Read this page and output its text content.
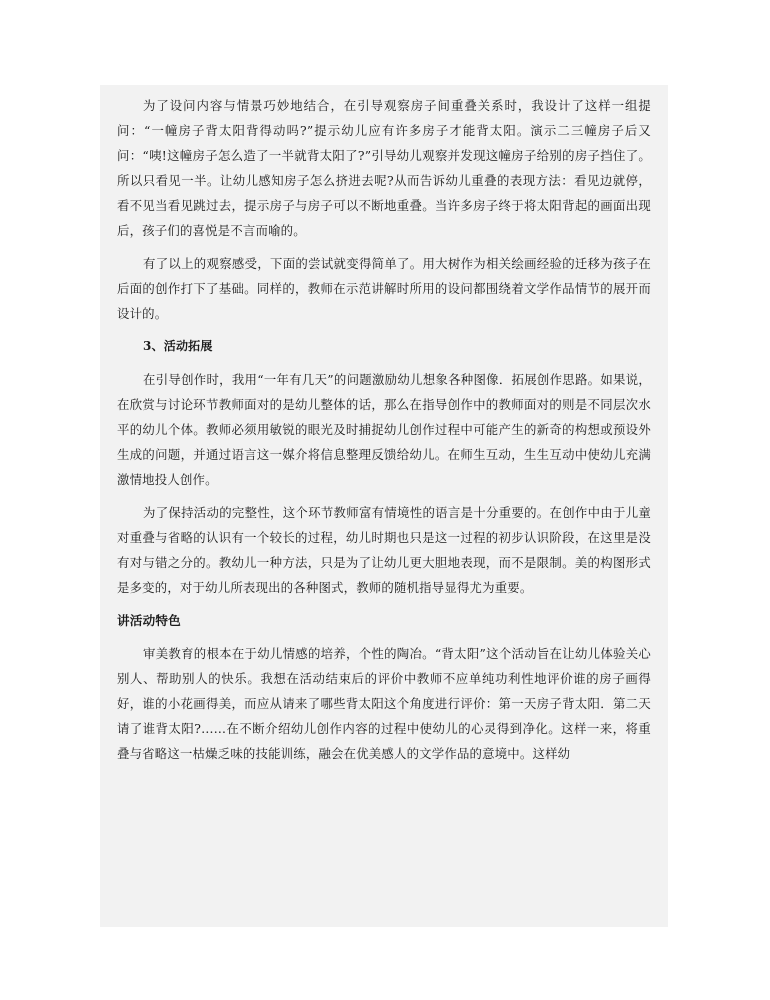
为了设问内容与情景巧妙地结合，在引导观察房子间重叠关系时，我设计了这样一组提问：“一幢房子背太阳背得动吗?”提示幼儿应有许多房子才能背太阳。演示二三幢房子后又问：“咦!这幢房子怎么造了一半就背太阳了?”引导幼儿观察并发现这幢房子给别的房子挡住了。所以只看见一半。让幼儿感知房子怎么挤进去呢?从而告诉幼儿重叠的表现方法：看见边就停，看不见当看见跳过去，提示房子与房子可以不断地重叠。当许多房子终于将太阳背起的画面出现后，孩子们的喜悦是不言而喻的。

有了以上的观察感受，下面的尝试就变得简单了。用大树作为相关绘画经验的迁移为孩子在后面的创作打下了基础。同样的，教师在示范讲解时所用的设问都围绕着文学作品情节的展开而设计的。

3、活动拓展

在引导创作时，我用“一年有几天”的问题激励幼儿想象各种图像．拓展创作思路。如果说，在欣赏与讨论环节教师面对的是幼儿整体的话，那么在指导创作中的教师面对的则是不同层次水平的幼儿个体。教师必须用敏锐的眼光及时捕捉幼儿创作过程中可能产生的新奇的构想或预设外生成的问题，并通过语言这一媒介将信息整理反馈给幼儿。在师生互动，生生互动中使幼儿充满激情地投人创作。

为了保持活动的完整性，这个环节教师富有情境性的语言是十分重要的。在创作中由于儿童对重叠与省略的认识有一个较长的过程，幼儿时期也只是这一过程的初步认识阶段，在这里是没有对与错之分的。教幼儿一种方法，只是为了让幼儿更大胆地表现，而不是限制。美的构图形式是多变的，对于幼儿所表现出的各种图式，教师的随机指导显得尤为重要。

讲活动特色

审美教育的根本在于幼儿情感的培养，个性的陶冶。“背太阳”这个活动旨在让幼儿体验关心别人、帮助别人的快乐。我想在活动结束后的评价中教师不应单纯功利性地评价谁的房子画得好，谁的小花画得美，而应从请来了哪些背太阳这个角度进行评价：第一天房子背太阳．第二天请了谁背太阳?……在不断介绍幼儿创作内容的过程中使幼儿的心灵得到净化。这样一来，将重叠与省略这一枯燥乏味的技能训练，融会在优美感人的文学作品的意境中。这样幼
